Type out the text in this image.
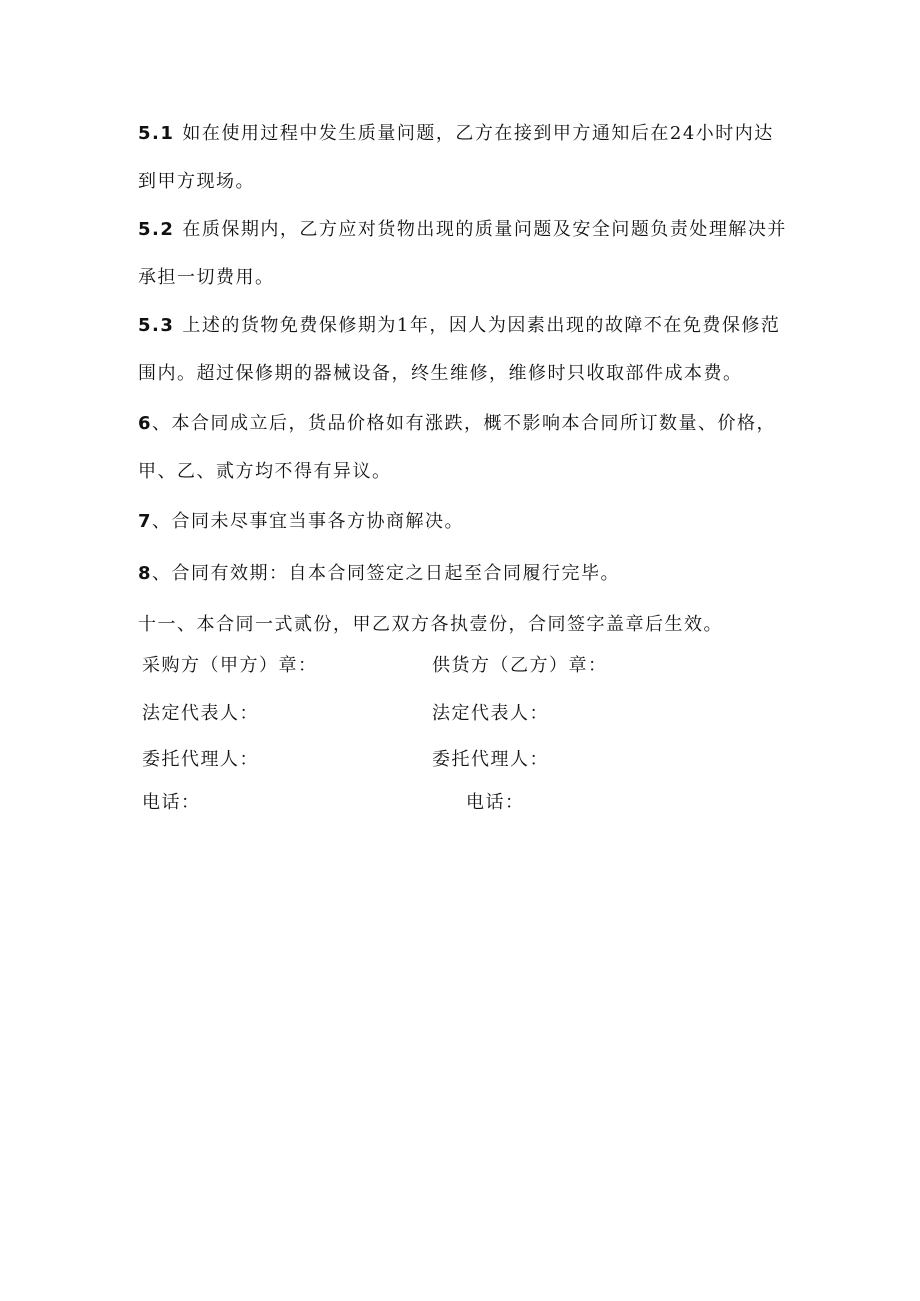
5.1 如在使用过程中发生质量问题，乙方在接到甲方通知后在24小时内达到甲方现场。
5.2 在质保期内，乙方应对货物出现的质量问题及安全问题负责处理解决并承担一切费用。
5.3 上述的货物免费保修期为1年，因人为因素出现的故障不在免费保修范围内。超过保修期的器械设备，终生维修，维修时只收取部件成本费。
6、本合同成立后，货品价格如有涨跌，概不影响本合同所订数量、价格，甲、乙、贰方均不得有异议。
7、合同未尽事宜当事各方协商解决。
8、合同有效期：自本合同签定之日起至合同履行完毕。
十一、本合同一式贰份，甲乙双方各执壹份，合同签字盖章后生效。
采购方（甲方）章：	供货方（乙方）章：
法定代表人：	法定代表人：
委托代理人：	委托代理人：
电话：	电话：
